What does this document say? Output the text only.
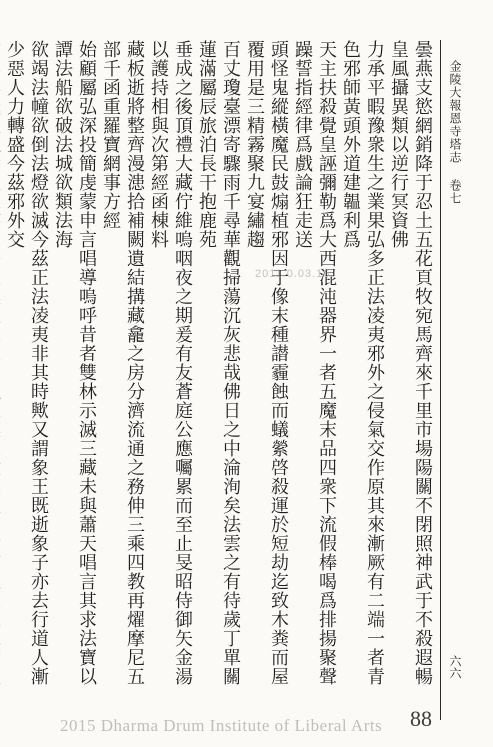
金陵大報恩寺塔志 卷七
六六
曇燕支慾網銷降于忍土五花頁牧宛馬齊來千里市場陽關不閉照神武于不殺遐暢皇風攝異類以逆行冥資佛
力承平暇豫衆生之業果弘多正法凌夷邪外之侵氣交作原其來漸厥有二端一者青色邪師黃頭外道建韞利爲
天主扶殺覺皇誣彌勒爲大西混沌器界一者五魔末品四衆下流假棒喝爲排揚聚聲躁誓指經律爲戲論狂走送
頭怪鬼縱橫魔民鼓煽植邪因于像末種譛霾蝕而蟻縈啓殺運於短劫迄致木粪而屋覆用是三精霧聚九宴繡趨
百丈瓊臺漂寄驟雨千尋華觀掃蕩沉灰悲哉佛日之中淪洵矣法雲之有待歲丁單關蓮滿屬辰旅泊長干抱鹿苑
垂成之後頂禮大藏佇維嗚咽夜之期爰有友蒼庭公應囑累而至止旻昭侍御矢金湯以護持相與次第經函棟料
藏板逝將整齊漫漶拾補闕遺結搆藏龕之房分濟流通之務伸三乘四教再燿摩尼五部千函重羅寶網事方經
始顧屬弘深投簡虔蒙申言唱導嗚呼昔者雙林示滅三藏未與蕭天唱言其求法寶以譚法船欲破法城欲類法海
欲竭法幢欲倒法燈欲滅今茲正法凌夷非其時歟又謂象王既逝象子亦去行道人漸少惡人力轉盛今茲邪外交
2011.0.03.16
2015 Dharma Drum Institute of Liberal Arts 88
